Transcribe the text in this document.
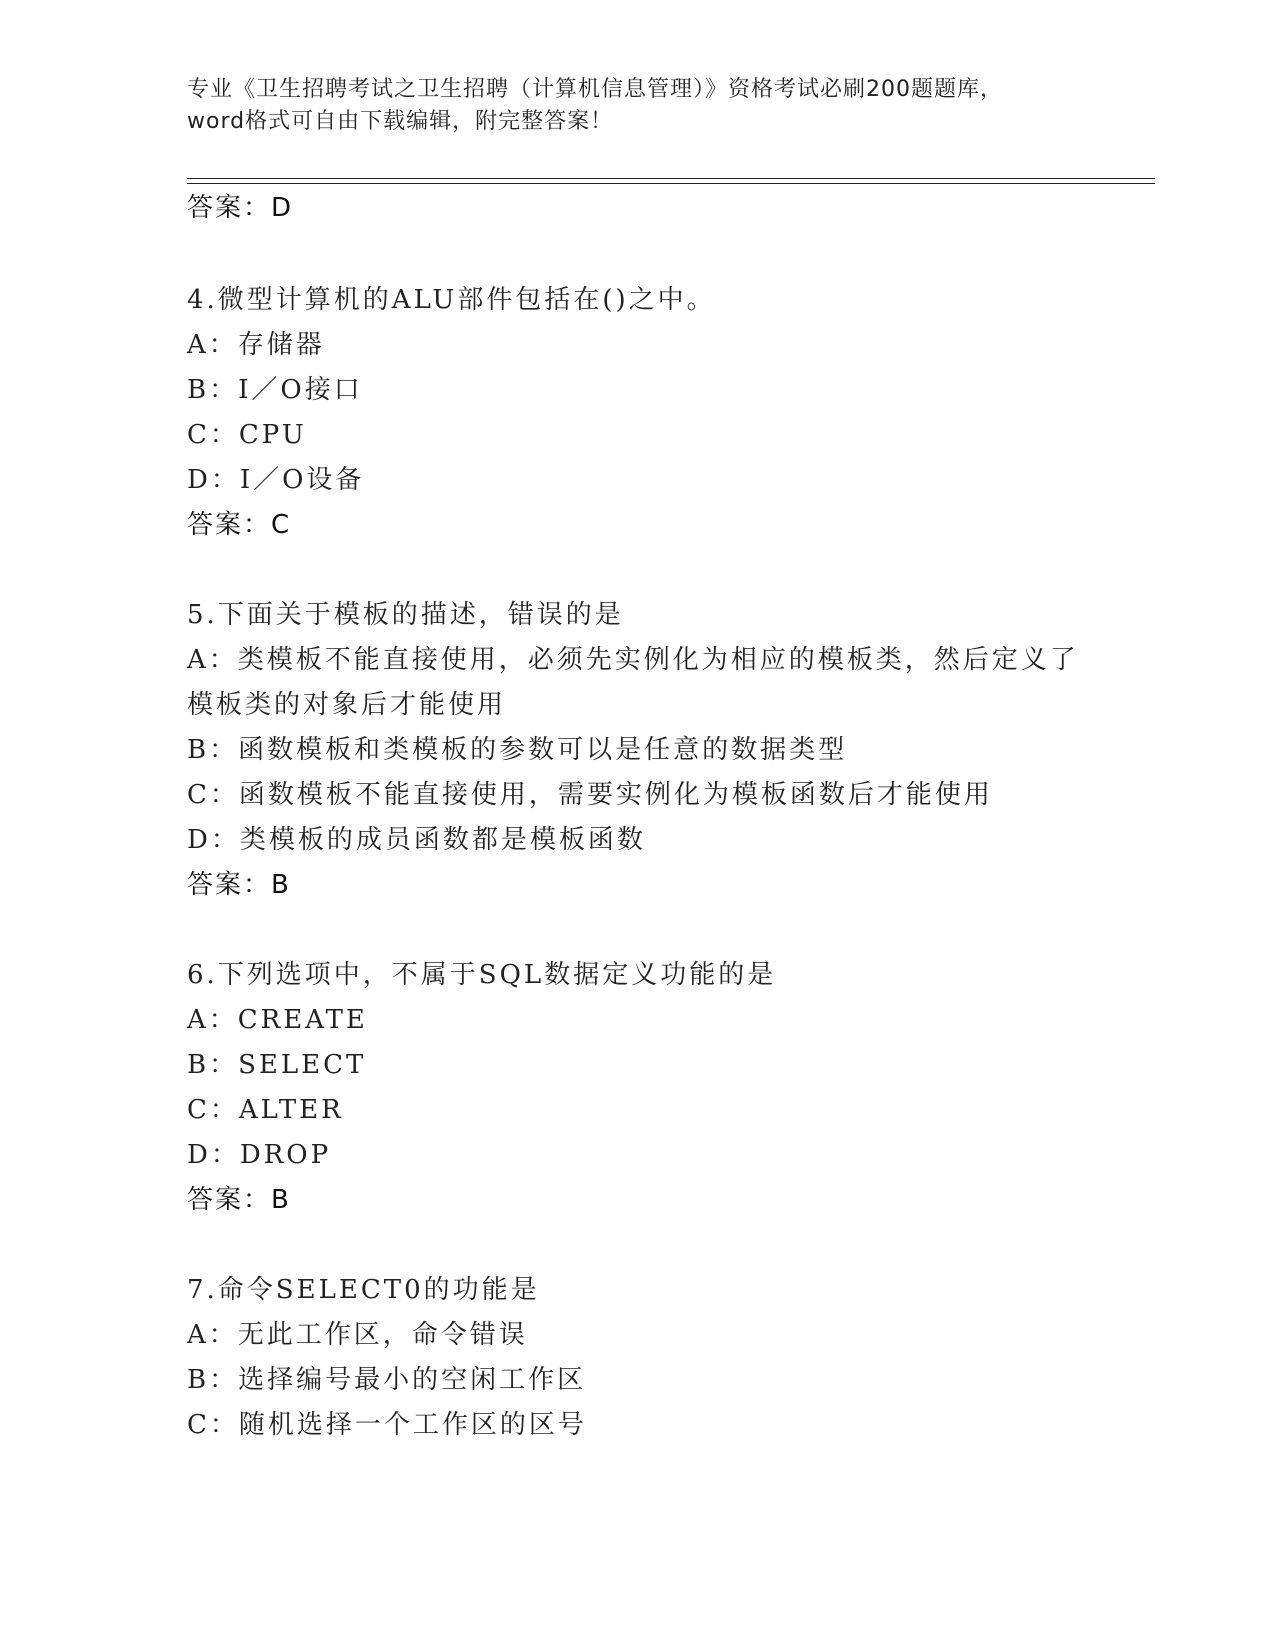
专业《卫生招聘考试之卫生招聘（计算机信息管理）》资格考试必刷200题题库，
word格式可自由下载编辑，附完整答案！
答案：D
4.微型计算机的ALU部件包括在()之中。
A：存储器
B：I／O接口
C：CPU
D：I／O设备
答案：C
5.下面关于模板的描述，错误的是
A：类模板不能直接使用，必须先实例化为相应的模板类，然后定义了
模板类的对象后才能使用
B：函数模板和类模板的参数可以是任意的数据类型
C：函数模板不能直接使用，需要实例化为模板函数后才能使用
D：类模板的成员函数都是模板函数
答案：B
6.下列选项中，不属于SQL数据定义功能的是
A：CREATE
B：SELECT
C：ALTER
D：DROP
答案：B
7.命令SELECT0的功能是
A：无此工作区，命令错误
B：选择编号最小的空闲工作区
C：随机选择一个工作区的区号
